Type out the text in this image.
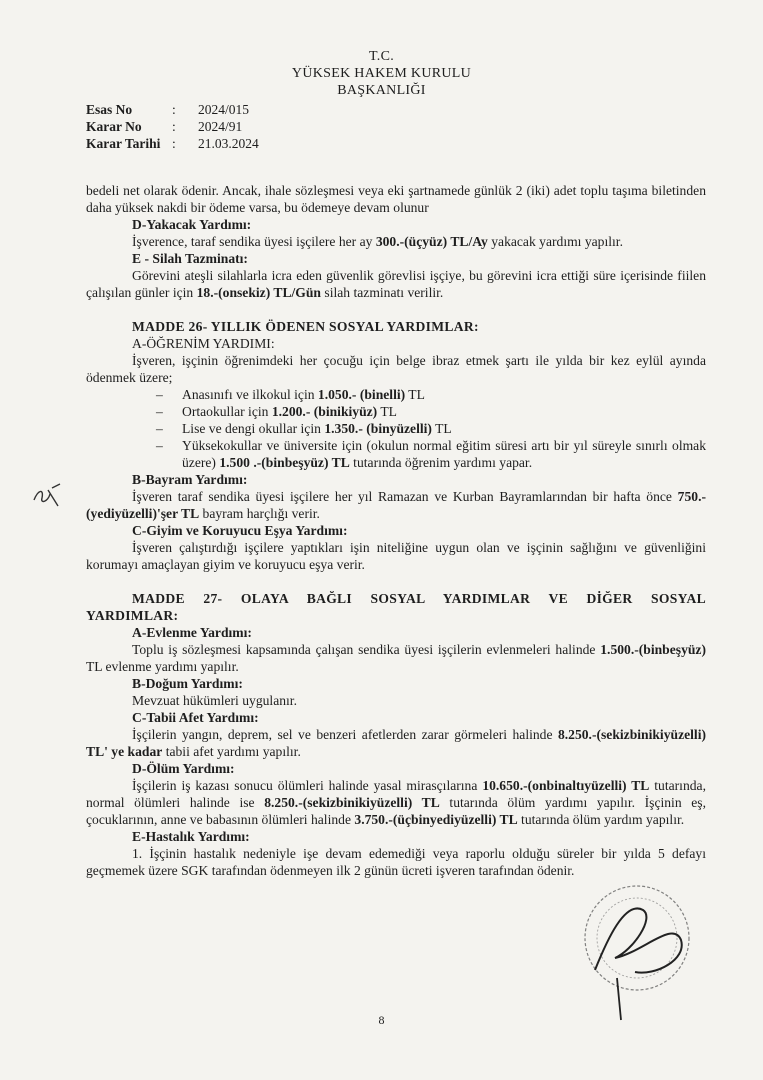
T.C.
YÜKSEK HAKEM KURULU
BAŞKANLIĞI
Esas No	:	2024/015
Karar No	:	2024/91
Karar Tarihi :	21.03.2024

bedeli net olarak ödenir. Ancak, ihale sözleşmesi veya eki şartnamede günlük 2 (iki) adet toplu taşıma biletinden daha yüksek nakdi bir ödeme varsa, bu ödemeye devam olunur

D-Yakacak Yardımı:

İşverence, taraf sendika üyesi işçilere her ay 300.-(üçyüz) TL/Ay yakacak yardımı yapılır.

E - Silah Tazminatı:

Görevini ateşli silahlarla icra eden güvenlik görevlisi işçiye, bu görevini icra ettiği süre içerisinde fiilen çalışılan günler için 18.-(onsekiz) TL/Gün silah tazminatı verilir.

MADDE 26- YILLIK ÖDENEN SOSYAL YARDIMLAR:

A-ÖĞRENİM YARDIMI:

İşveren, işçinin öğrenimdeki her çocuğu için belge ibraz etmek şartı ile yılda bir kez eylül ayında ödenmek üzere;

– Anasınıfı ve ilkokul için 1.050.- (binelli) TL
– Ortaokullar için 1.200.- (binikiyüz) TL
– Lise ve dengi okullar için 1.350.- (binyüzelli) TL
– Yüksekokullar ve üniversite için (okulun normal eğitim süresi artı bir yıl süreyle sınırlı olmak üzere) 1.500 .-(binbeşyüz) TL tutarında öğrenim yardımı yapar.

B-Bayram Yardımı:

İşveren taraf sendika üyesi işçilere her yıl Ramazan ve Kurban Bayramlarından bir hafta önce 750.-(yediyüzelli)'şer TL bayram harçlığı verir.

C-Giyim ve Koruyucu Eşya Yardımı:

İşveren çalıştırdığı işçilere yaptıkları işin niteliğine uygun olan ve işçinin sağlığını ve güvenliğini korumayı amaçlayan giyim ve koruyucu eşya verir.

MADDE 27- OLAYA BAĞLI SOSYAL YARDIMLAR VE DİĞER SOSYAL YARDIMLAR:

A-Evlenme Yardımı:

Toplu iş sözleşmesi kapsamında çalışan sendika üyesi işçilerin evlenmeleri halinde 1.500.-(binbeşyüz) TL evlenme yardımı yapılır.

B-Doğum Yardımı:

Mevzuat hükümleri uygulanır.

C-Tabii Afet Yardımı:

İşçilerin yangın, deprem, sel ve benzeri afetlerden zarar görmeleri halinde 8.250.-(sekizbinikiyüzelli) TL' ye kadar tabii afet yardımı yapılır.

D-Ölüm Yardımı:

İşçilerin iş kazası sonucu ölümleri halinde yasal mirasçılarına 10.650.-(onbinaltıyüzelli) TL tutarında, normal ölümleri halinde ise 8.250.-(sekizbinikiyüzelli) TL tutarında ölüm yardımı yapılır. İşçinin eş, çocuklarının, anne ve babasının ölümleri halinde 3.750.-(üçbinyediyüzelli) TL tutarında ölüm yardım yapılır.

E-Hastalık Yardımı:

1. İşçinin hastalık nedeniyle işe devam edemediği veya raporlu olduğu süreler bir yılda 5 defayı geçmemek üzere SGK tarafından ödenmeyen ilk 2 günün ücreti işveren tarafından ödenir.

8
